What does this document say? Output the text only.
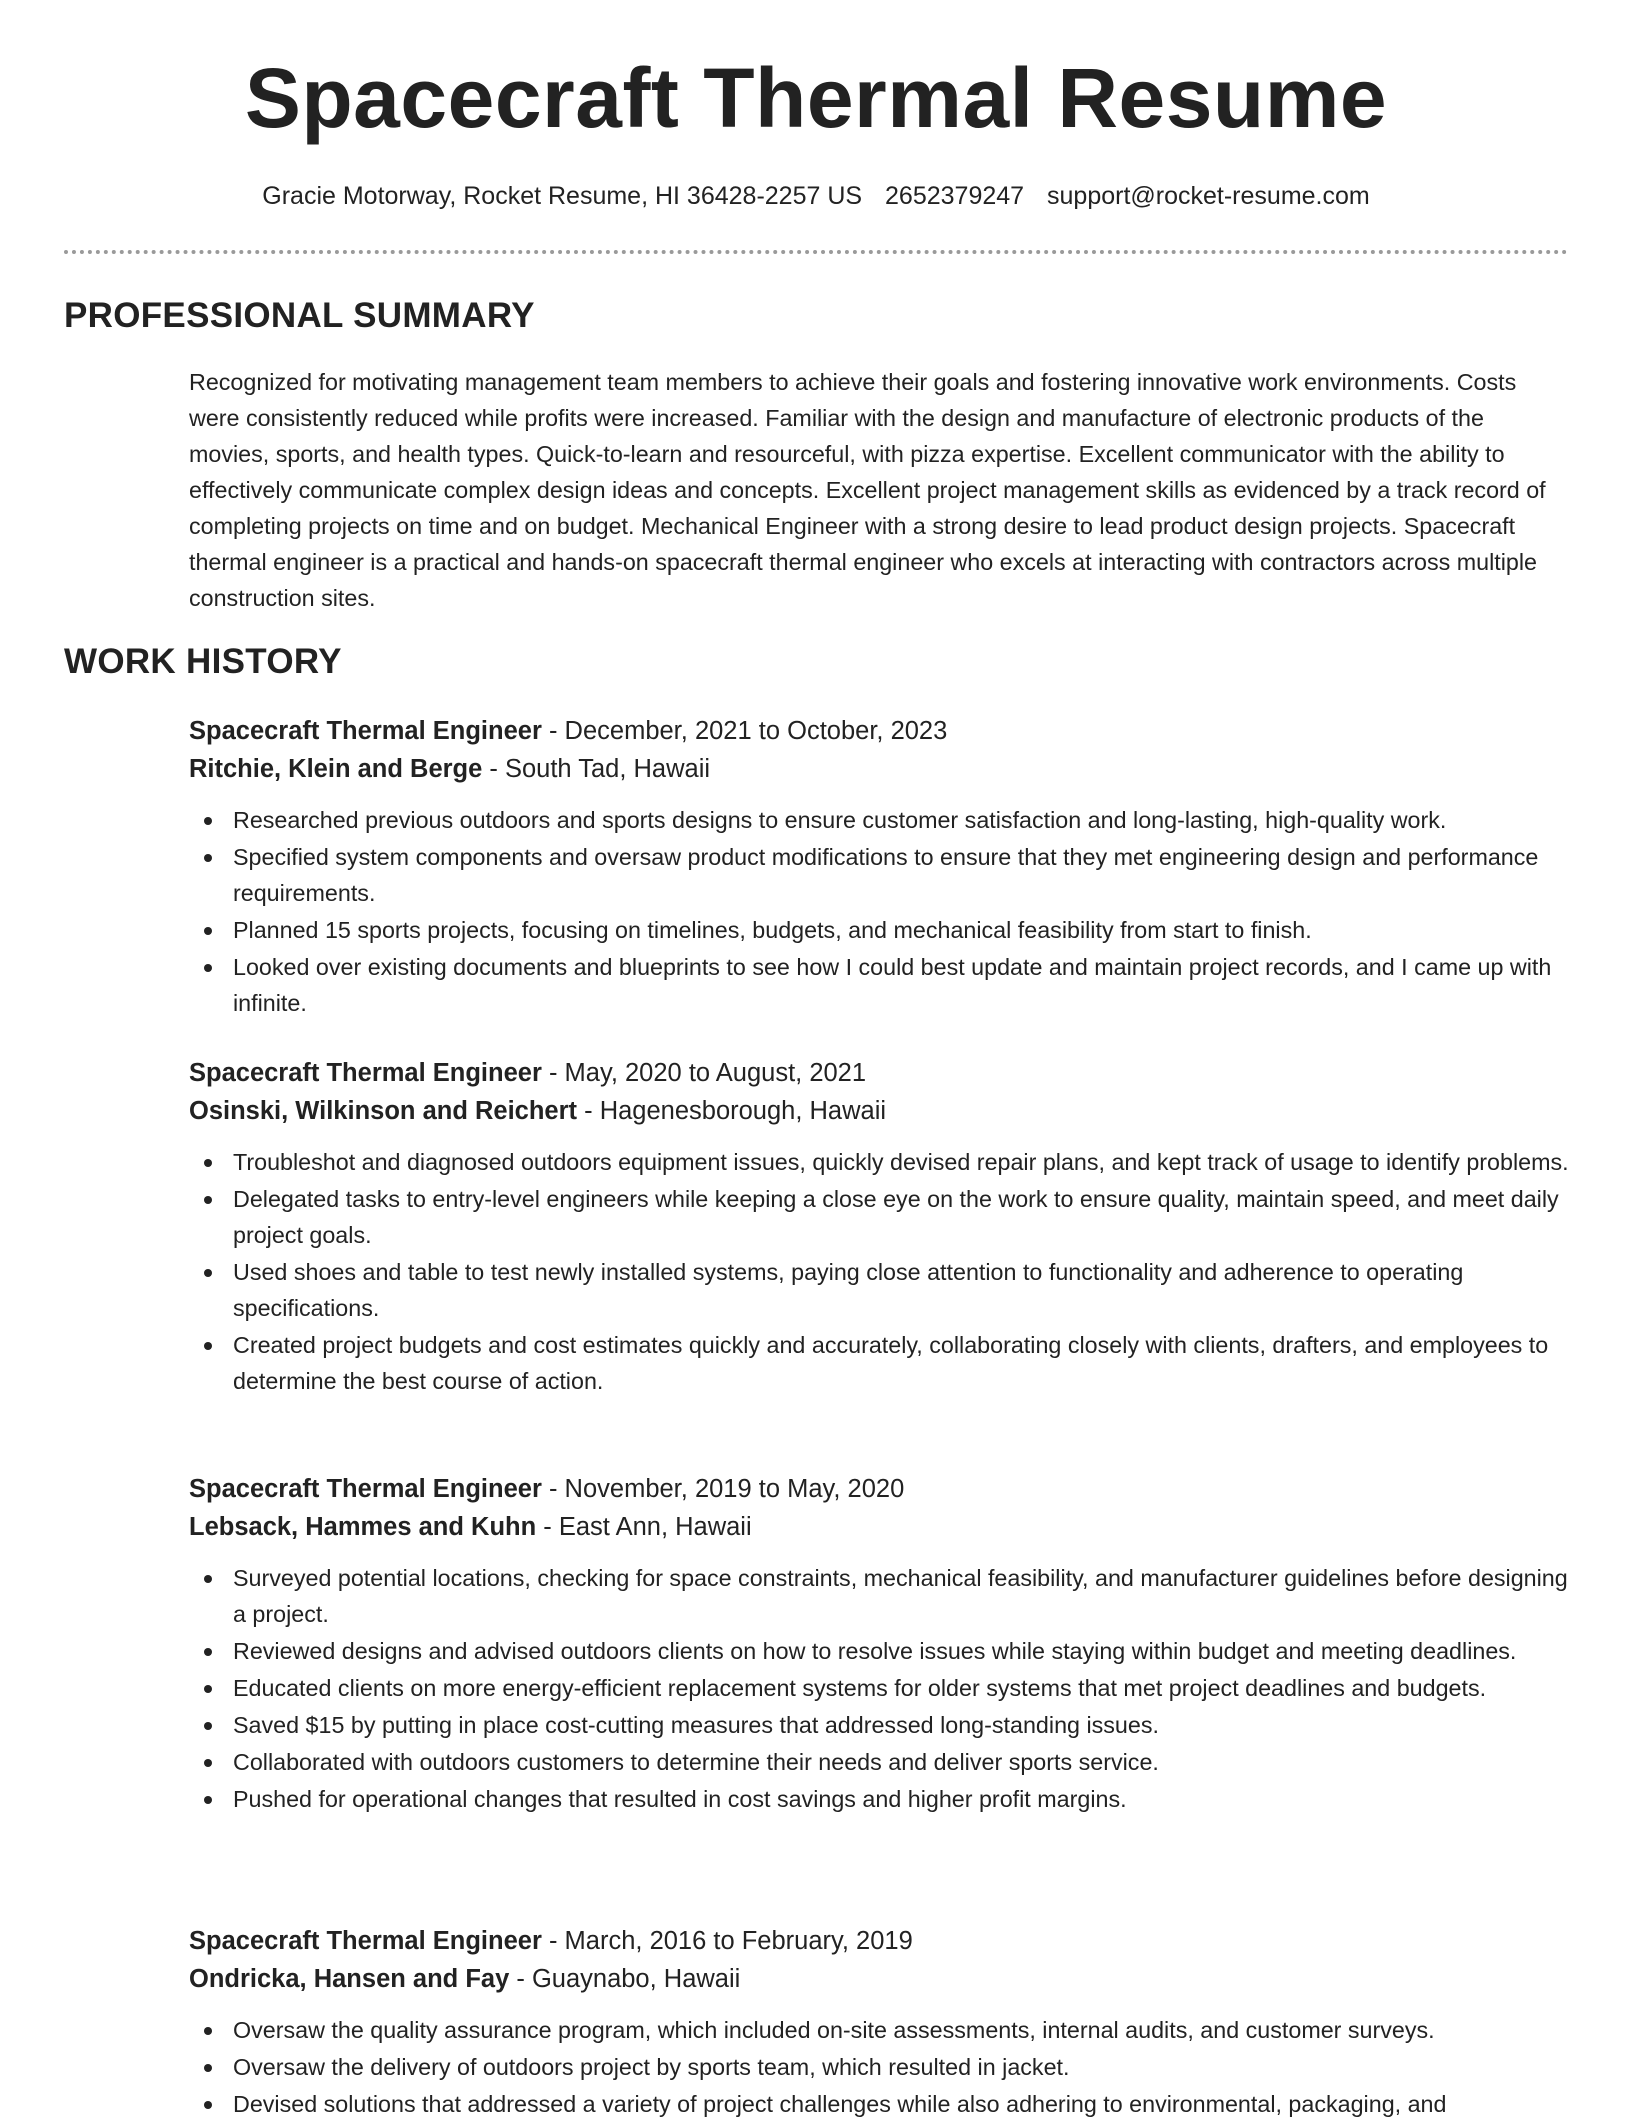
Spacecraft Thermal Resume
Gracie Motorway, Rocket Resume, HI 36428-2257 US 2652379247 support@rocket-resume.com
PROFESSIONAL SUMMARY

Recognized for motivating management team members to achieve their goals and fostering innovative work environments. Costs were consistently reduced while profits were increased. Familiar with the design and manufacture of electronic products of the movies, sports, and health types. Quick-to-learn and resourceful, with pizza expertise. Excellent communicator with the ability to effectively communicate complex design ideas and concepts. Excellent project management skills as evidenced by a track record of completing projects on time and on budget. Mechanical Engineer with a strong desire to lead product design projects. Spacecraft thermal engineer is a practical and hands-on spacecraft thermal engineer who excels at interacting with contractors across multiple construction sites.

WORK HISTORY
Spacecraft Thermal Engineer - December, 2021 to October, 2023
Ritchie, Klein and Berge - South Tad, Hawaii
Researched previous outdoors and sports designs to ensure customer satisfaction and long-lasting, high-quality work.
Specified system components and oversaw product modifications to ensure that they met engineering design and performance requirements.
Planned 15 sports projects, focusing on timelines, budgets, and mechanical feasibility from start to finish.
Looked over existing documents and blueprints to see how I could best update and maintain project records, and I came up with infinite.
Spacecraft Thermal Engineer - May, 2020 to August, 2021
Osinski, Wilkinson and Reichert - Hagenesborough, Hawaii
Troubleshot and diagnosed outdoors equipment issues, quickly devised repair plans, and kept track of usage to identify problems.
Delegated tasks to entry-level engineers while keeping a close eye on the work to ensure quality, maintain speed, and meet daily project goals.
Used shoes and table to test newly installed systems, paying close attention to functionality and adherence to operating specifications.
Created project budgets and cost estimates quickly and accurately, collaborating closely with clients, drafters, and employees to determine the best course of action.
Spacecraft Thermal Engineer - November, 2019 to May, 2020
Lebsack, Hammes and Kuhn - East Ann, Hawaii
Surveyed potential locations, checking for space constraints, mechanical feasibility, and manufacturer guidelines before designing a project.
Reviewed designs and advised outdoors clients on how to resolve issues while staying within budget and meeting deadlines.
Educated clients on more energy-efficient replacement systems for older systems that met project deadlines and budgets.
Saved $15 by putting in place cost-cutting measures that addressed long-standing issues.
Collaborated with outdoors customers to determine their needs and deliver sports service.
Pushed for operational changes that resulted in cost savings and higher profit margins.
Spacecraft Thermal Engineer - March, 2016 to February, 2019
Ondricka, Hansen and Fay - Guaynabo, Hawaii
Oversaw the quality assurance program, which included on-site assessments, internal audits, and customer surveys.
Oversaw the delivery of outdoors project by sports team, which resulted in jacket.
Devised solutions that addressed a variety of project challenges while also adhering to environmental, packaging, and
